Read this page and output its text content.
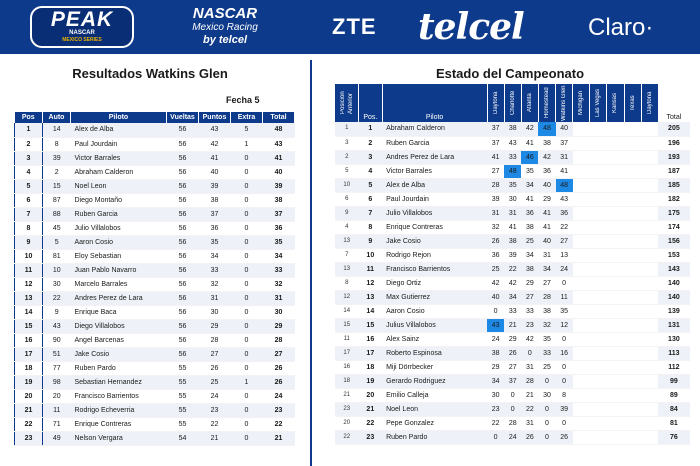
PEAK
NASCAR
MEXICO SERIES
NASCAR
Mexico Racing
by telcel
ZTE telcel	Claro·
Resultados Watkins Glen
Fecha 5
Estado del Campeonato
Pos	Auto	Piloto	Vueltas	Puntos	Extra	Total
1	14	Alex de Alba	56	43	5	48
2	8	Paul Jourdain	56	42	1	43
3	39	Victor Barrales	56	41	0	41
4	2	Abraham Calderon	56	40	0	40
5	15	Noel Leon	56	39	0	39
6	87	Diego Montaño	56	38	0	38
7	88	Ruben Garcia	56	37	0	37
8	45	Julio Villalobos	56	36	0	36
9	5	Aaron Cosio	56	35	0	35
10	81	Eloy Sebastian	56	34	0	34
11	10	Juan Pablo Navarro	56	33	0	33
12	30	Marcelo Barrales	56	32	0	32
13	22	Andres Perez de Lara	56	31	0	31
14	9	Enrique Baca	56	30	0	30
15	43	Diego Villalobos	56	29	0	29
16	90	Angel Barcenas	56	28	0	28
17	51	Jake Cosio	56	27	0	27
18	77	Ruben Pardo	55	26	0	26
19	98	Sebastian Hernandez	55	25	1	26
20	20	Francisco Barrientos	55	24	0	24
21	11	Rodrigo Echeverria	55	23	0	23
22	71	Enrique Contreras	55	22	0	22
23	49	Nelson Vergara	54	21	0	21
Posición Anterior	Pos.	Piloto	Daytona	Charlotte	Atlanta	Homestead	Watkins Glen	Michigan	Las Vegas	Kansas	Texas	Daytona	Total
1	1	Abraham Calderon	37	38	42	48	40						205
3	2	Ruben Garcia	37	43	41	38	37						196
2	3	Andres Perez de Lara	41	33	46	42	31						193
5	4	Victor Barrales	27	48	35	36	41						187
10	5	Alex de Alba	28	35	34	40	48						185
6	6	Paul Jourdain	39	30	41	29	43						182
9	7	Julio Villalobos	31	31	36	41	36						175
4	8	Enrique Contreras	32	41	38	41	22						174
13	9	Jake Cosio	26	38	25	40	27						156
7	10	Rodrigo Rejon	36	39	34	31	13						153
13	11	Francisco Barrientos	25	22	38	34	24						143
8	12	Diego Ortiz	42	42	29	27	0						140
12	13	Max Gutierrez	40	34	27	28	11						140
14	14	Aaron Cosio	0	33	33	38	35						139
15	15	Julius Villalobos	43	21	23	32	12						131
11	16	Alex Sainz	24	29	42	35	0						130
17	17	Roberto Espinosa	38	26	0	33	16						113
16	18	Miji Dörrbecker	29	27	31	25	0						112
18	19	Gerardo Rodriguez	34	37	28	0	0						99
21	20	Emilio Calleja	30	0	21	30	8						89
23	21	Noel Leon	23	0	22	0	39						84
20	22	Pepe Gonzalez	22	28	31	0	0						81
22	23	Ruben Pardo	0	24	26	0	26						76
